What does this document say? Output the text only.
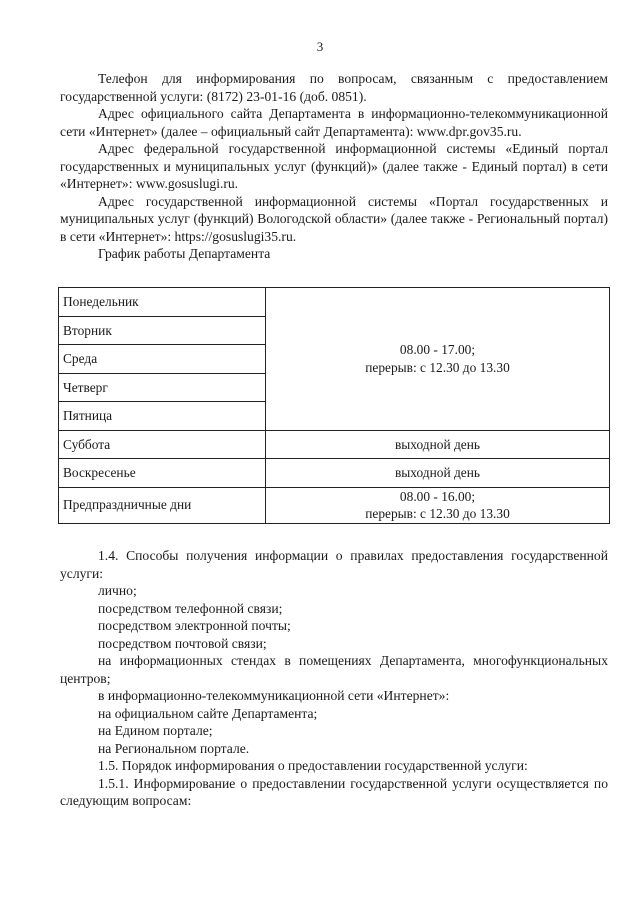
3

Телефон для информирования по вопросам, связанным с предоставлением государственной услуги: (8172) 23-01-16 (доб. 0851).

Адрес официального сайта Департамента в информационно-телекоммуникационной сети «Интернет» (далее – официальный сайт Департамента): www.dpr.gov35.ru.

Адрес федеральной государственной информационной системы «Единый портал государственных и муниципальных услуг (функций)» (далее также - Единый портал) в сети «Интернет»: www.gosuslugi.ru.

Адрес государственной информационной системы «Портал государственных и муниципальных услуг (функций) Вологодской области» (далее также - Региональный портал) в сети «Интернет»: https://gosuslugi35.ru.

График работы Департамента

Понедельник	08.00 - 17.00;
перерыв: с 12.30 до 13.30

Вторник	
Среда	
Четверг	
Пятница	
Суббота	выходной день
Воскресенье	выходной день
Предпраздничные дни	08.00 - 16.00;
перерыв: с 12.30 до 13.30

1.4. Способы получения информации о правилах предоставления государственной услуги:

лично;

посредством телефонной связи;

посредством электронной почты;

посредством почтовой связи;

на информационных стендах в помещениях Департамента, многофункциональных центров;

в информационно-телекоммуникационной сети «Интернет»:

на официальном сайте Департамента;

на Едином портале;

на Региональном портале.

1.5. Порядок информирования о предоставлении государственной услуги:

1.5.1. Информирование о предоставлении государственной услуги осуществляется по следующим вопросам:
